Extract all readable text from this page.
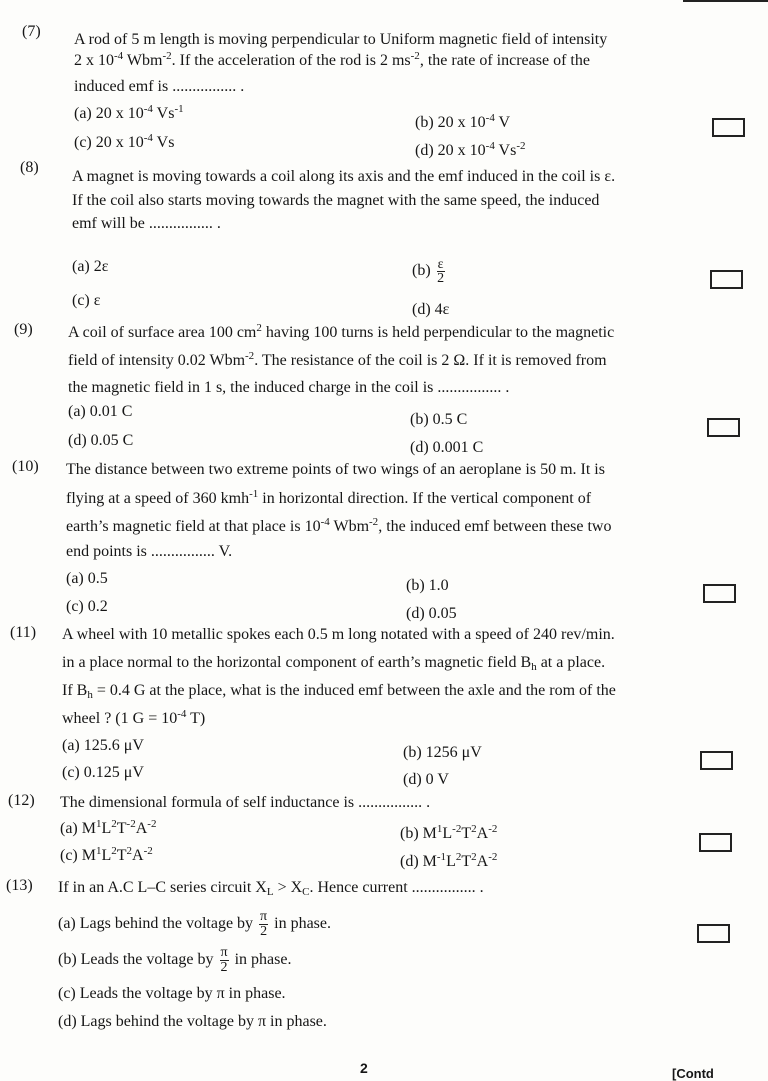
(7) A rod of 5 m length is moving perpendicular to Uniform magnetic field of intensity
2 x $10^{-4}$ Wbm$^{-2}$. If the acceleration of the rod is 2 $ms^{-2}$, the rate of increase of the
induced emf is ................ .
(a) 20 x $10^{-4}$ $Vs^{-1}$
(b) 20 x $10^{-4}$ V
(c) 20 x $10^{-4}$ Vs	(d) 20 x $10^{-4}$ $Vs^{-2}$
(8)
A magnet is moving towards a coil along its axis and the emf induced in the coil is ε.
If the coil also starts moving towards the magnet with the same speed, the induced
emf will be ................ .
(a) 2ε	$(b) \frac{\varepsilon}{2}$
(c) ε
(d) 4ε
(9) A coil of surface area 100 $cm^2$ having 100 turns is held perpendicular to the magnetic
field of intensity 0.02 Wbm$^{-2}$. The resistance of the coil is 2 Ω. If it is removed from
the magnetic field in 1 s, the induced charge in the coil is ................ .
(a) 0.01 C	(b) 0.5 C
(d) 0.05 C	(d) 0.001 C
(10) The distance between two extreme points of two wings of an aeroplane is 50 m. It is
flying at a speed of 360 kmh$^{-1}$ in horizontal direction. If the vertical component of
earth’s magnetic field at that place is $10^{-4}$ Wbm$^{-2}$, the induced emf between these two
end points is ................ V.
(a) 0.5	(b) 1.0
(c) 0.2	(d) 0.05
(11) A wheel with 10 metallic spokes each 0.5 m long notated with a speed of 240 rev/min.
in a place normal to the horizontal component of earth’s magnetic field $B_h$ at a place.
If $B_h = 0.4$ G at the place, what is the induced emf between the axle and the rom of the
wheel ? (1 $G = 10^{-4}$ T)
(a) 125.6 μV	(b) 1256 μV
(c) 0.125 μV	(d) 0 V
(12) The dimensional formula of self inductance is ................ .
(a) $M^1L^2T^{-2}A^{-2}$
(b) $M^1L^{-2}T^2A^{-2}$
(c) $M^1L^2T^2A^{-2}$
(d) $M^{-1}L^2T^2A^{-2}$
(13) If in an A.C L–C series circuit $X_L > X_C$. Hence current ................ .
(a) Lags behind the voltage by $\frac{\pi}{2}$ in phase.
(b) Leads the voltage by $\frac{\pi}{2}$ in phase.
(c) Leads the voltage by π in phase.
(d) Lags behind the voltage by π in phase.
2	[Contd
